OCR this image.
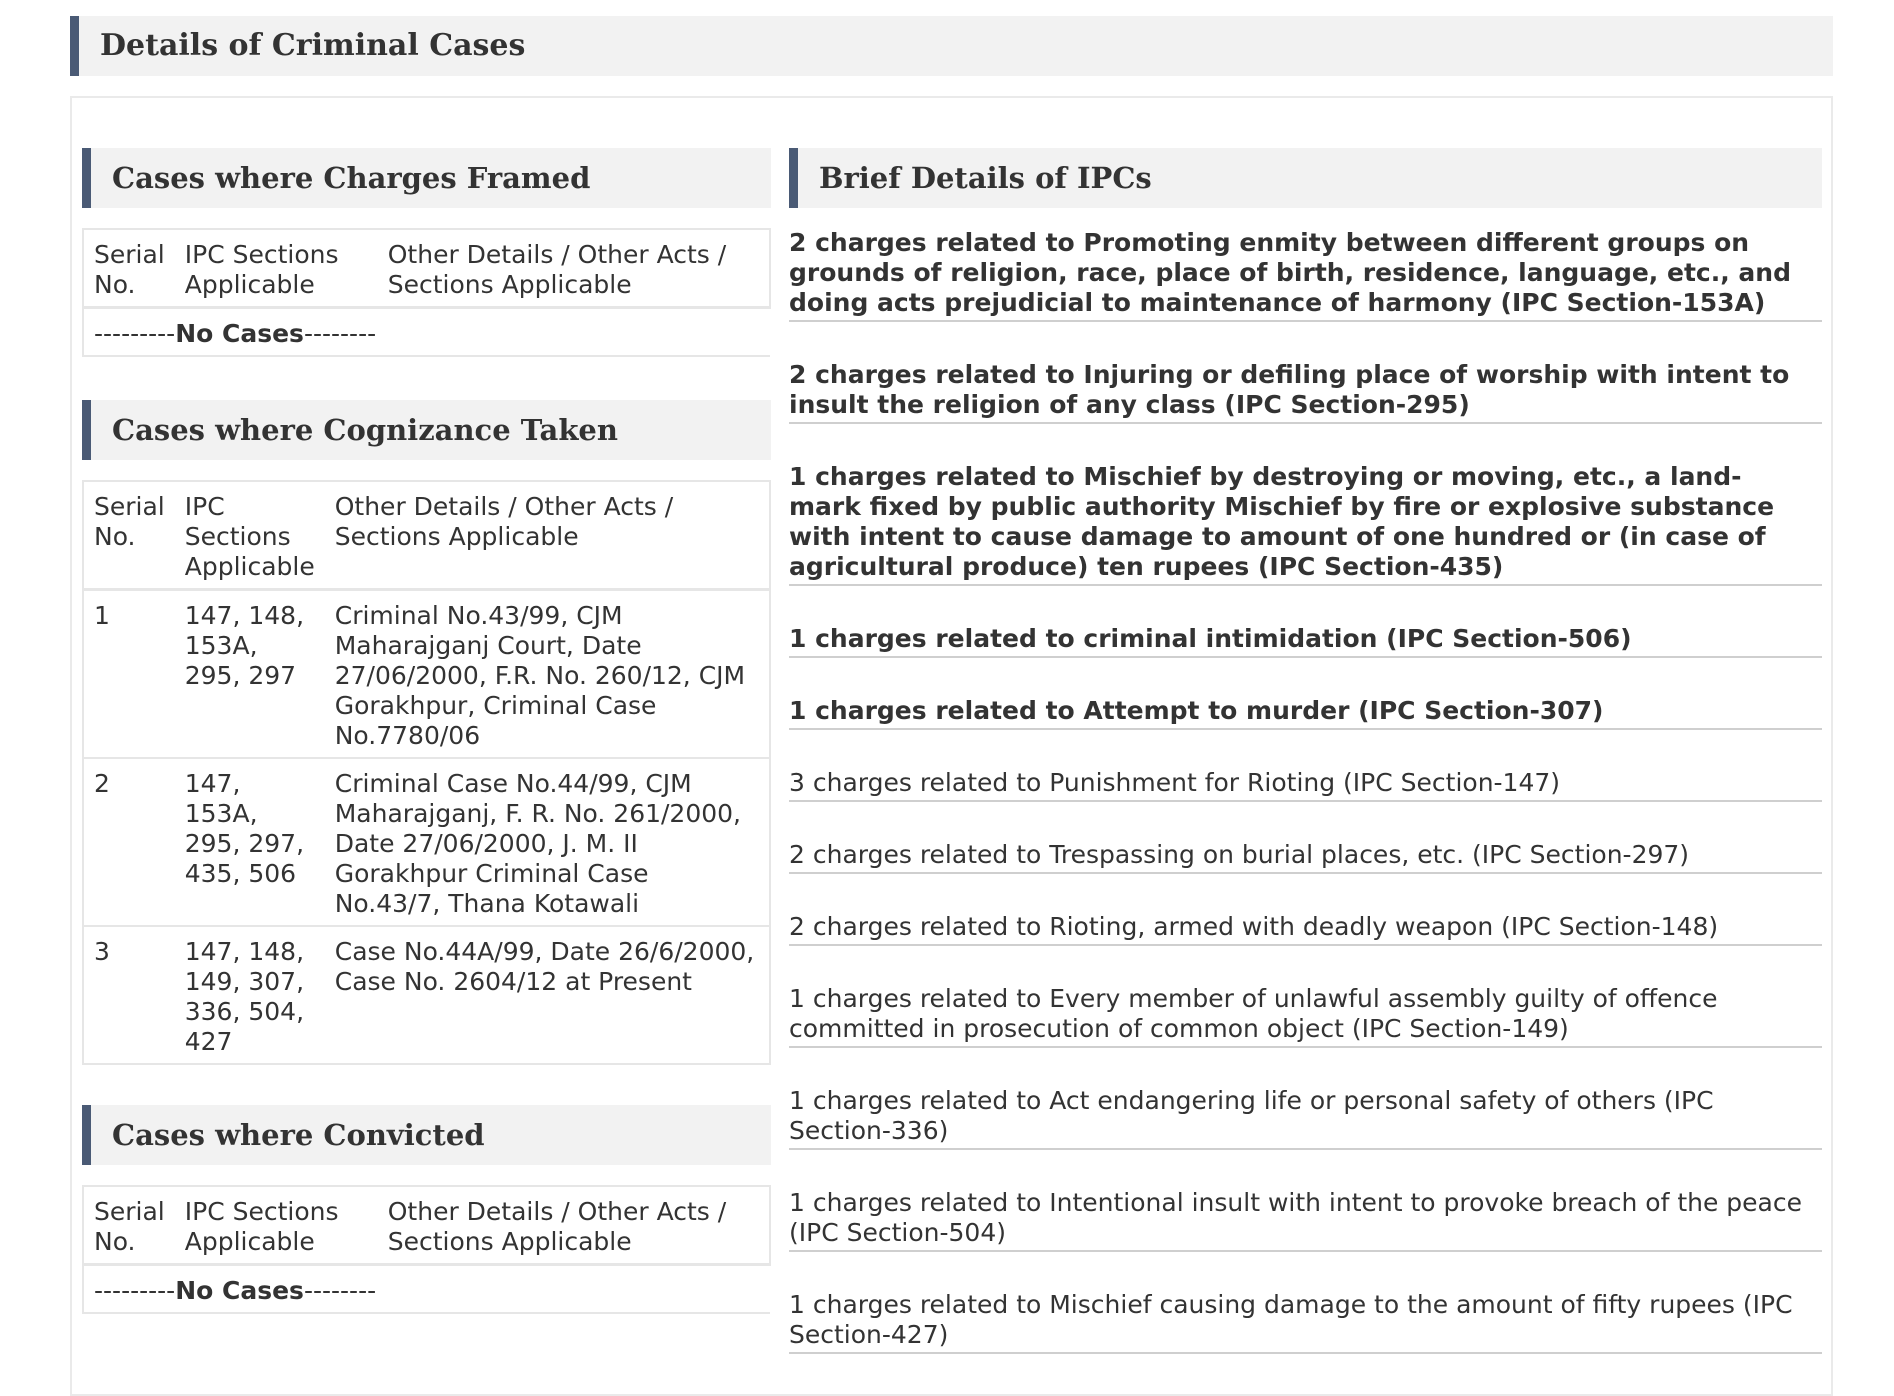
Details of Criminal Cases
Cases where Charges Framed
Serial No.	IPC Sections Applicable	Other Details / Other Acts / Sections Applicable
---------No Cases--------
Cases where Cognizance Taken
Serial No.	IPC Sections Applicable	Other Details / Other Acts / Sections Applicable
1	147, 148, 153A, 295, 297	Criminal No.43/99, CJM Maharajganj Court, Date 27/06/2000, F.R. No. 260/12, CJM Gorakhpur, Criminal Case No.7780/06
2	147, 153A, 295, 297, 435, 506	Criminal Case No.44/99, CJM Maharajganj, F. R. No. 261/2000, Date 27/06/2000, J. M. II Gorakhpur Criminal Case No.43/7, Thana Kotawali
3	147, 148, 149, 307, 336, 504, 427	Case No.44A/99, Date 26/6/2000, Case No. 2604/12 at Present
Cases where Convicted
Serial No.	IPC Sections Applicable	Other Details / Other Acts / Sections Applicable
---------No Cases--------
Brief Details of IPCs
2 charges related to Promoting enmity between different groups on grounds of religion, race, place of birth, residence, language, etc., and doing acts prejudicial to maintenance of harmony (IPC Section-153A)
2 charges related to Injuring or defiling place of worship with intent to insult the religion of any class (IPC Section-295)
1 charges related to Mischief by destroying or moving, etc., a land- mark fixed by public authority Mischief by fire or explosive substance with intent to cause damage to amount of one hundred or (in case of agricultural produce) ten rupees (IPC Section-435)
1 charges related to criminal intimidation (IPC Section-506)
1 charges related to Attempt to murder (IPC Section-307)
3 charges related to Punishment for Rioting (IPC Section-147)
2 charges related to Trespassing on burial places, etc. (IPC Section-297)
2 charges related to Rioting, armed with deadly weapon (IPC Section-148)
1 charges related to Every member of unlawful assembly guilty of offence committed in prosecution of common object (IPC Section-149)
1 charges related to Act endangering life or personal safety of others (IPC Section-336)
1 charges related to Intentional insult with intent to provoke breach of the peace (IPC Section-504)
1 charges related to Mischief causing damage to the amount of fifty rupees (IPC Section-427)
